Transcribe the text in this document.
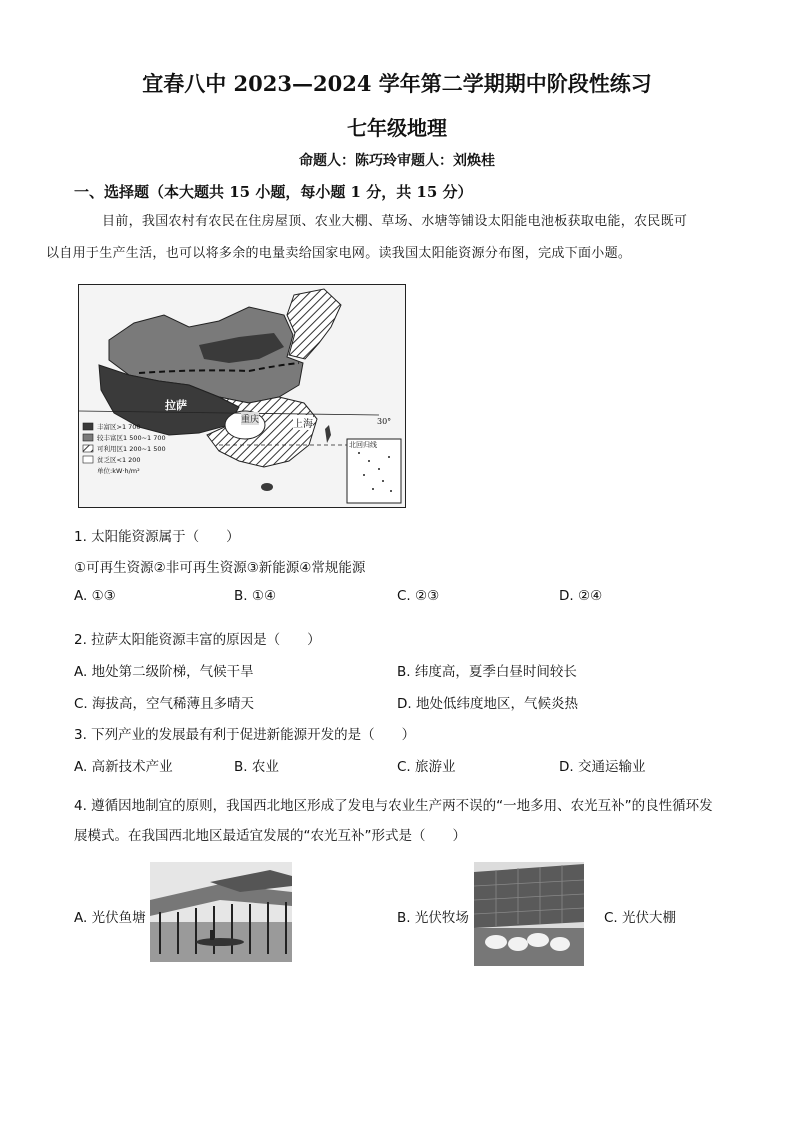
宜春八中 2023—2024 学年第二学期期中阶段性练习
七年级地理
命题人：陈巧玲审题人：刘焕桂
一、选择题（本大题共 15 小题，每小题 1 分，共 15 分）
目前，我国农村有农民在住房屋顶、农业大棚、草场、水塘等铺设太阳能电池板获取电能，农民既可
以自用于生产生活，也可以将多余的电量卖给国家电网。读我国太阳能资源分布图，完成下面小题。
拉萨
重庆	上海	30°
北回归线
丰富区>1 700
较丰富区1 500~1 700
可利用区1 200~1 500
贫乏区<1 200
单位:kW·h/m²
1. 太阳能资源属于（　　）
①可再生资源②非可再生资源③新能源④常规能源
A. ①③	B. ①④	C. ②③	D. ②④
2. 拉萨太阳能资源丰富的原因是（　　）
A. 地处第二级阶梯，气候干旱	B. 纬度高，夏季白昼时间较长
C. 海拔高，空气稀薄且多晴天	D. 地处低纬度地区，气候炎热
3. 下列产业的发展最有利于促进新能源开发的是（　　）
A. 高新技术产业	B. 农业	C. 旅游业	D. 交通运输业
4. 遵循因地制宜的原则，我国西北地区形成了发电与农业生产两不误的“一地多用、农光互补”的良性循环发展模式。在我国西北地区最适宜发展的“农光互补”形式是（　　）
A. 光伏鱼塘	B. 光伏牧场	C. 光伏大棚
